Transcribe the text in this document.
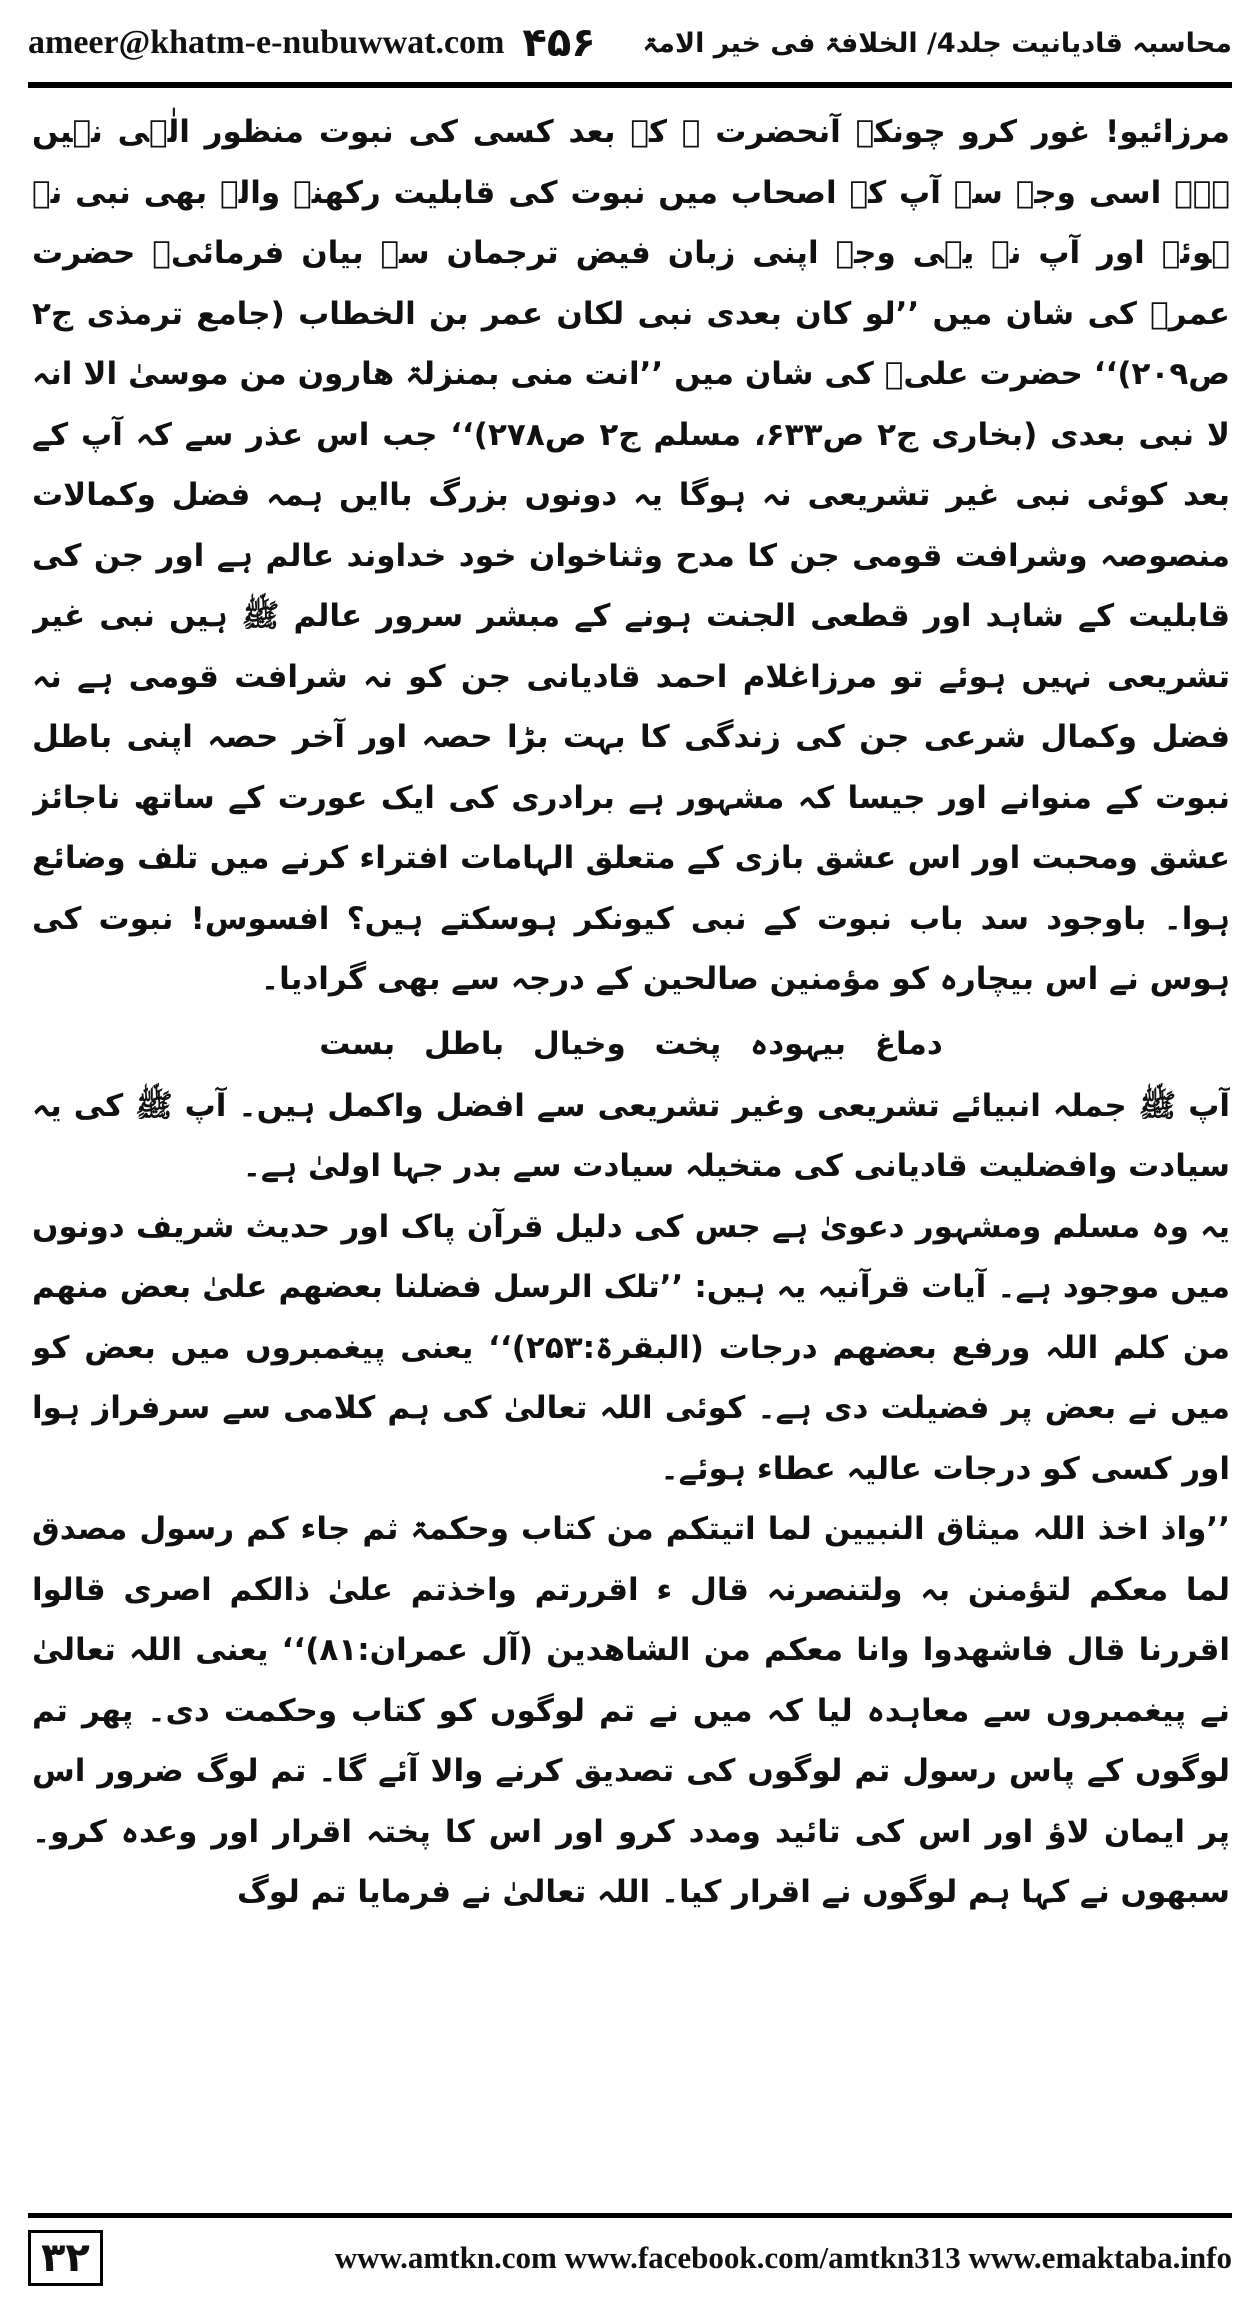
ameer@khatm-e-nubuwwat.com ۴۵۶ محاسبہ قادیانیت جلد4/ الخلافۃ فی خیر الامۃ

مرزائیو! غور کرو چونکہ آنحضرت ﷺ کے بعد کسی کی نبوت منظور الٰہی نہیں ہے۔ اسی وجہ سے آپ کے اصحاب میں نبوت کی قابلیت رکھنے والے بھی نبی نہ ہوئے اور آپ نے یہی وجہ اپنی زبان فیض ترجمان سے بیان فرمائی۔ حضرت عمرؓ کی شان میں ’’لو کان بعدی نبی لکان عمر بن الخطاب (جامع ترمذی ج۲ ص۲۰۹)‘‘ حضرت علیؓ کی شان میں ’’انت منی بمنزلۃ ھارون من موسیٰ الا انہ لا نبی بعدی (بخاری ج۲ ص۶۳۳، مسلم ج۲ ص۲۷۸)‘‘ جب اس عذر سے کہ آپ کے بعد کوئی نبی غیر تشریعی نہ ہوگا یہ دونوں بزرگ باایں ہمہ فضل وکمالات منصوصہ وشرافت قومی جن کا مدح وثناخوان خود خداوند عالم ہے اور جن کی قابلیت کے شاہد اور قطعی الجنت ہونے کے مبشر سرور عالم ﷺ ہیں نبی غیر تشریعی نہیں ہوئے تو مرزاغلام احمد قادیانی جن کو نہ شرافت قومی ہے نہ فضل وکمال شرعی جن کی زندگی کا بہت بڑا حصہ اور آخر حصہ اپنی باطل نبوت کے منوانے اور جیسا کہ مشہور ہے برادری کی ایک عورت کے ساتھ ناجائز عشق ومحبت اور اس عشق بازی کے متعلق الہامات افتراء کرنے میں تلف وضائع ہوا۔ باوجود سد باب نبوت کے نبی کیونکر ہوسکتے ہیں؟ افسوس! نبوت کی ہوس نے اس بیچارہ کو مؤمنین صالحین کے درجہ سے بھی گرادیا۔

دماغ بیہودہ پخت وخیال باطل بست

آپ ﷺ جملہ انبیائے تشریعی وغیر تشریعی سے افضل واکمل ہیں۔ آپ ﷺ کی یہ سیادت وافضلیت قادیانی کی متخیلہ سیادت سے بدر جہا اولیٰ ہے۔

یہ وہ مسلم ومشہور دعویٰ ہے جس کی دلیل قرآن پاک اور حدیث شریف دونوں میں موجود ہے۔ آیات قرآنیہ یہ ہیں: ’’تلک الرسل فضلنا بعضھم علیٰ بعض منھم من کلم اللہ ورفع بعضھم درجات (البقرۃ:۲۵۳)‘‘ یعنی پیغمبروں میں بعض کو میں نے بعض پر فضیلت دی ہے۔ کوئی اللہ تعالیٰ کی ہم کلامی سے سرفراز ہوا اور کسی کو درجات عالیہ عطاء ہوئے۔

’’واذ اخذ اللہ میثاق النبیین لما اتیتکم من کتاب وحکمۃ ثم جاء کم رسول مصدق لما معکم لتؤمنن بہ ولتنصرنہ قال ء اقررتم واخذتم علیٰ ذالکم اصری قالوا اقررنا قال فاشھدوا وانا معکم من الشاھدین (آل عمران:۸۱)‘‘ یعنی اللہ تعالیٰ نے پیغمبروں سے معاہدہ لیا کہ میں نے تم لوگوں کو کتاب وحکمت دی۔ پھر تم لوگوں کے پاس رسول تم لوگوں کی تصدیق کرنے والا آئے گا۔ تم لوگ ضرور اس پر ایمان لاؤ اور اس کی تائید ومدد کرو اور اس کا پختہ اقرار اور وعدہ کرو۔ سبھوں نے کہا ہم لوگوں نے اقرار کیا۔ اللہ تعالیٰ نے فرمایا تم لوگ

۳۲	www.amtkn.com www.facebook.com/amtkn313 www.emaktaba.info
